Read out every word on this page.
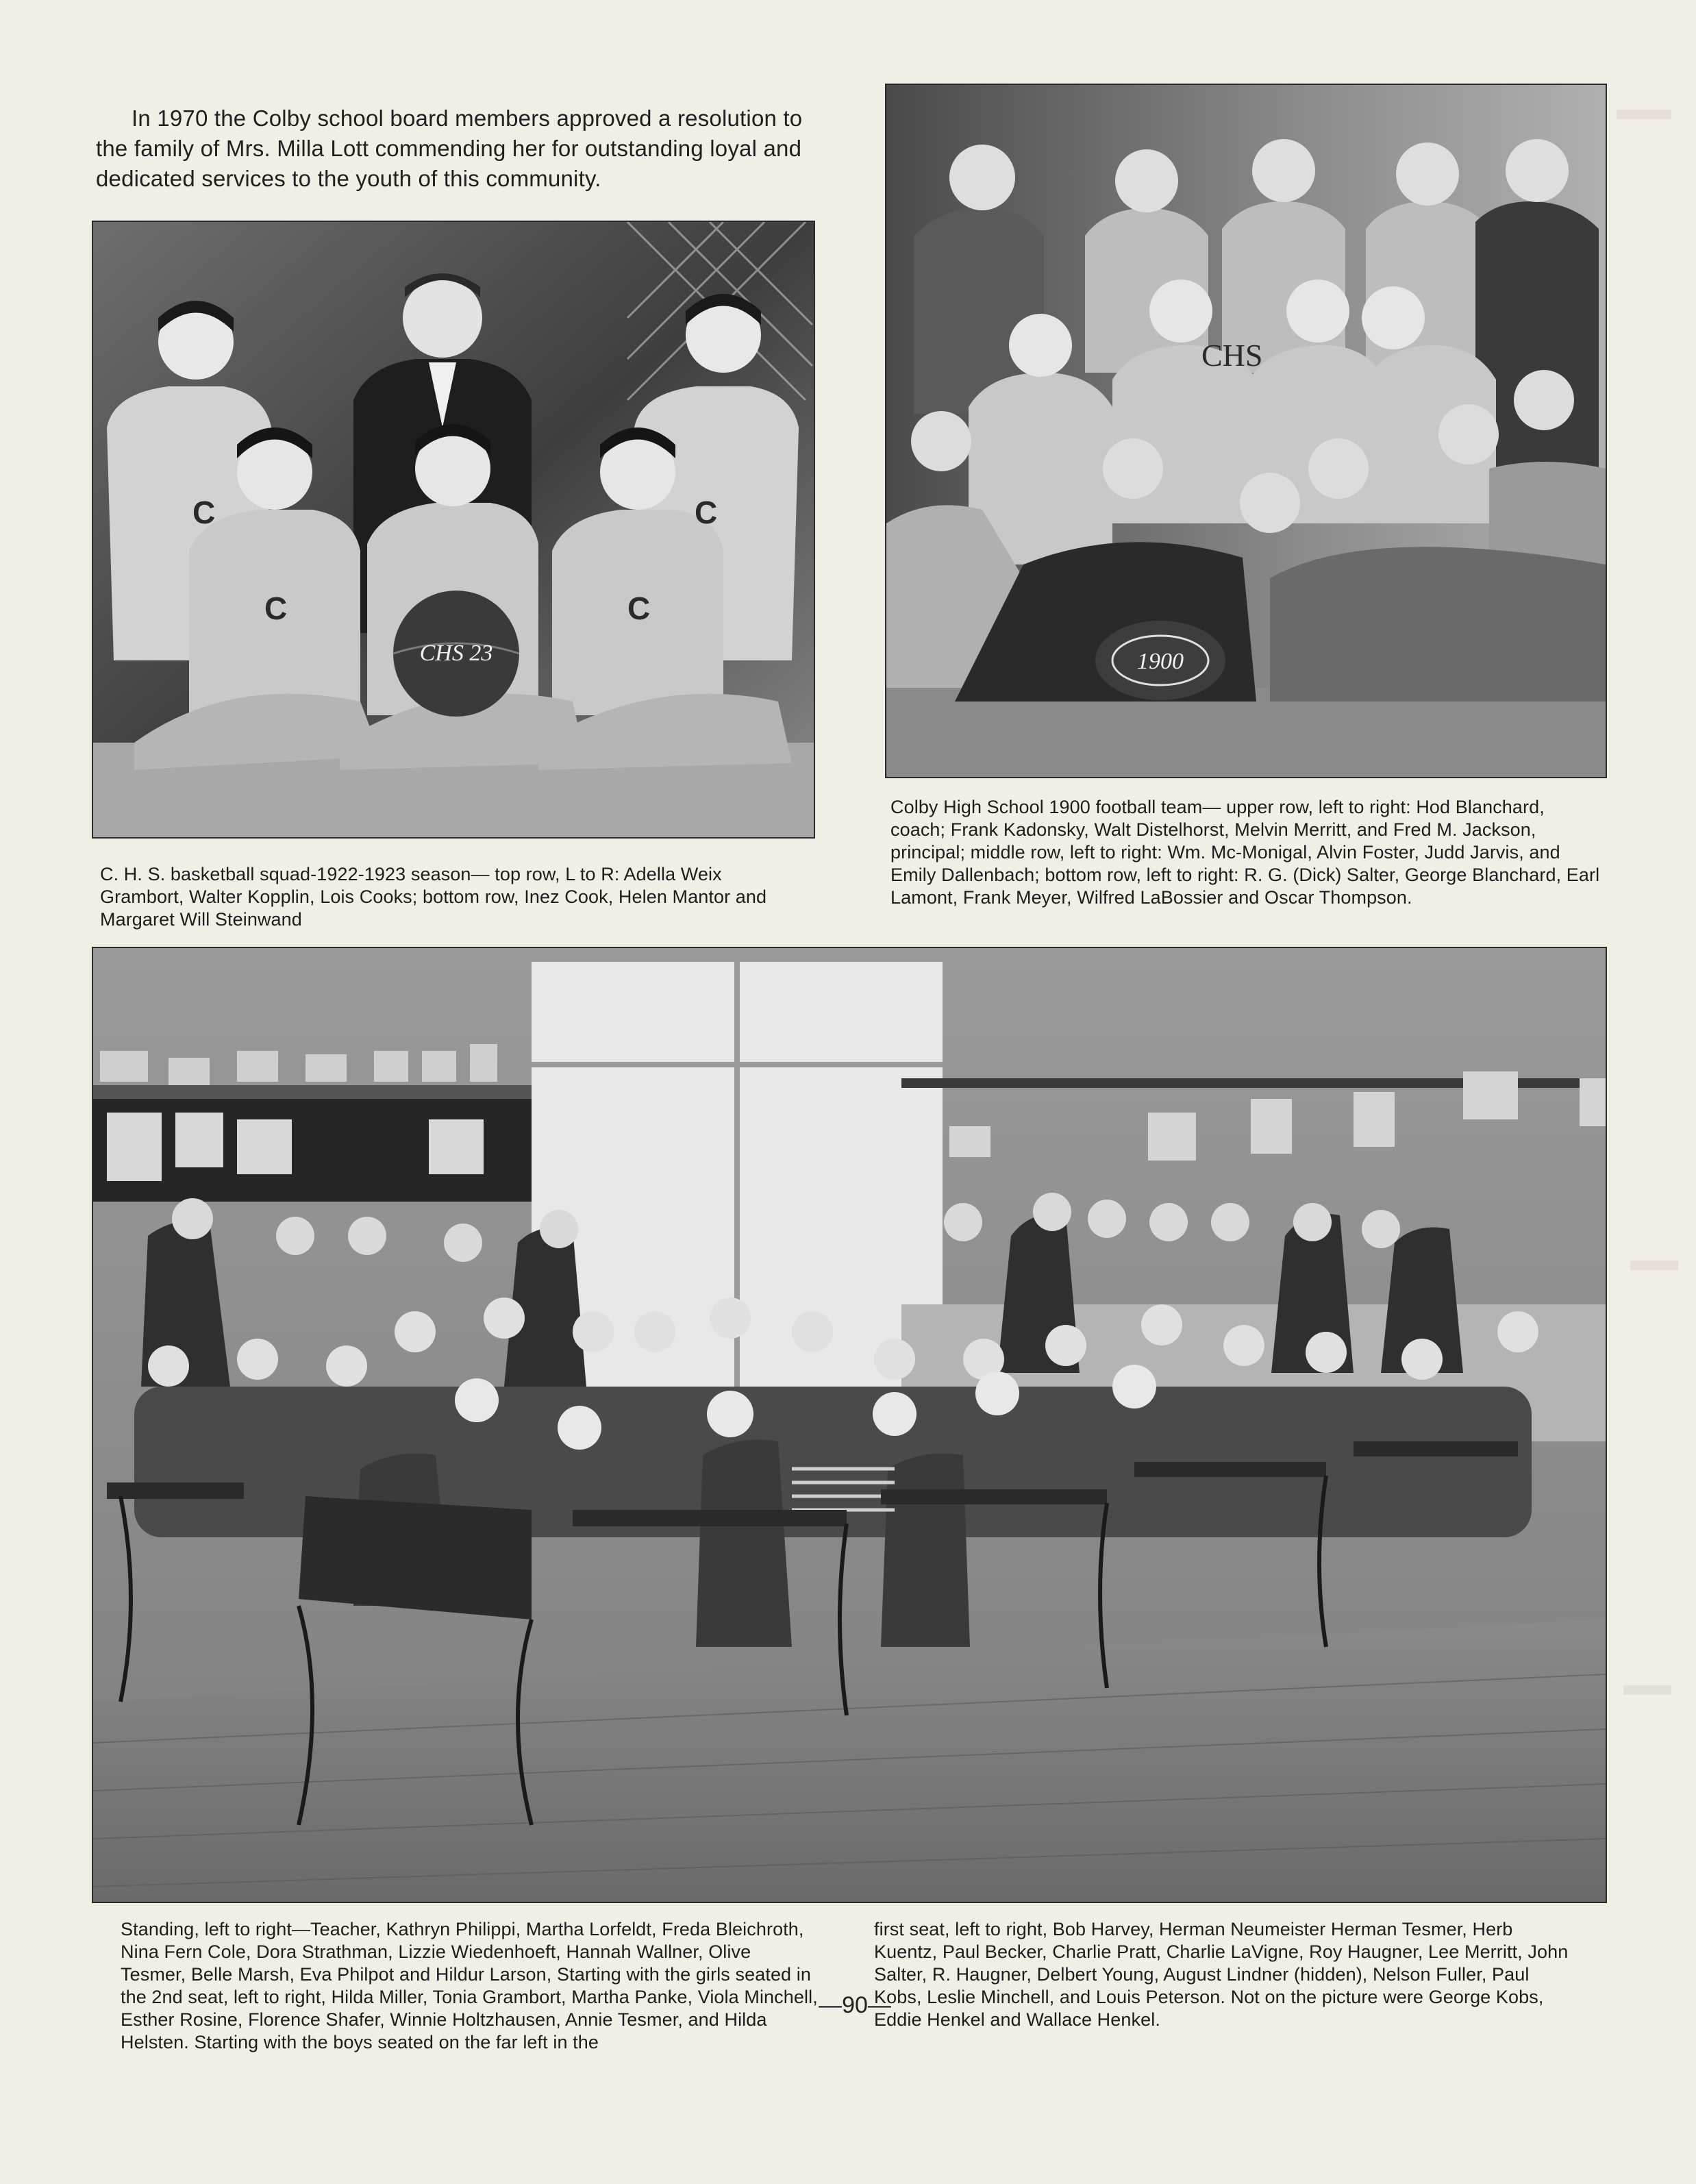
In 1970 the Colby school board members approved a resolution to the family of Mrs. Milla Lott commending her for outstanding loyal and dedicated services to the youth of this community.

CHS 23
C	C
C	C
CHS
1900
C. H. S. basketball squad-1922-1923 season— top row, L to R: Adella Weix Grambort, Walter Kopplin, Lois Cooks; bottom row, Inez Cook, Helen Mantor and Margaret Will Steinwand
Colby High School 1900 football team— upper row, left to right: Hod Blanchard, coach; Frank Kadonsky, Walt Distelhorst, Melvin Merritt, and Fred M. Jackson, principal; middle row, left to right: Wm. Mc-Monigal, Alvin Foster, Judd Jarvis, and Emily Dallenbach; bottom row, left to right: R. G. (Dick) Salter, George Blanchard, Earl Lamont, Frank Meyer, Wilfred LaBossier and Oscar Thompson.
Standing, left to right—Teacher, Kathryn Philippi, Martha Lorfeldt, Freda Bleichroth, Nina Fern Cole, Dora Strathman, Lizzie Wiedenhoeft, Hannah Wallner, Olive Tesmer, Belle Marsh, Eva Philpot and Hildur Larson, Starting with the girls seated in the 2nd seat, left to right, Hilda Miller, Tonia Grambort, Martha Panke, Viola Minchell, Esther Rosine, Florence Shafer, Winnie Holtzhausen, Annie Tesmer, and Hilda Helsten. Starting with the boys seated on the far left in the
first seat, left to right, Bob Harvey, Herman Neumeister Herman Tesmer, Herb Kuentz, Paul Becker, Charlie Pratt, Charlie LaVigne, Roy Haugner, Lee Merritt, John Salter, R. Haugner, Delbert Young, August Lindner (hidden), Nelson Fuller, Paul Kobs, Leslie Minchell, and Louis Peterson. Not on the picture were George Kobs, Eddie Henkel and Wallace Henkel.
—90—
